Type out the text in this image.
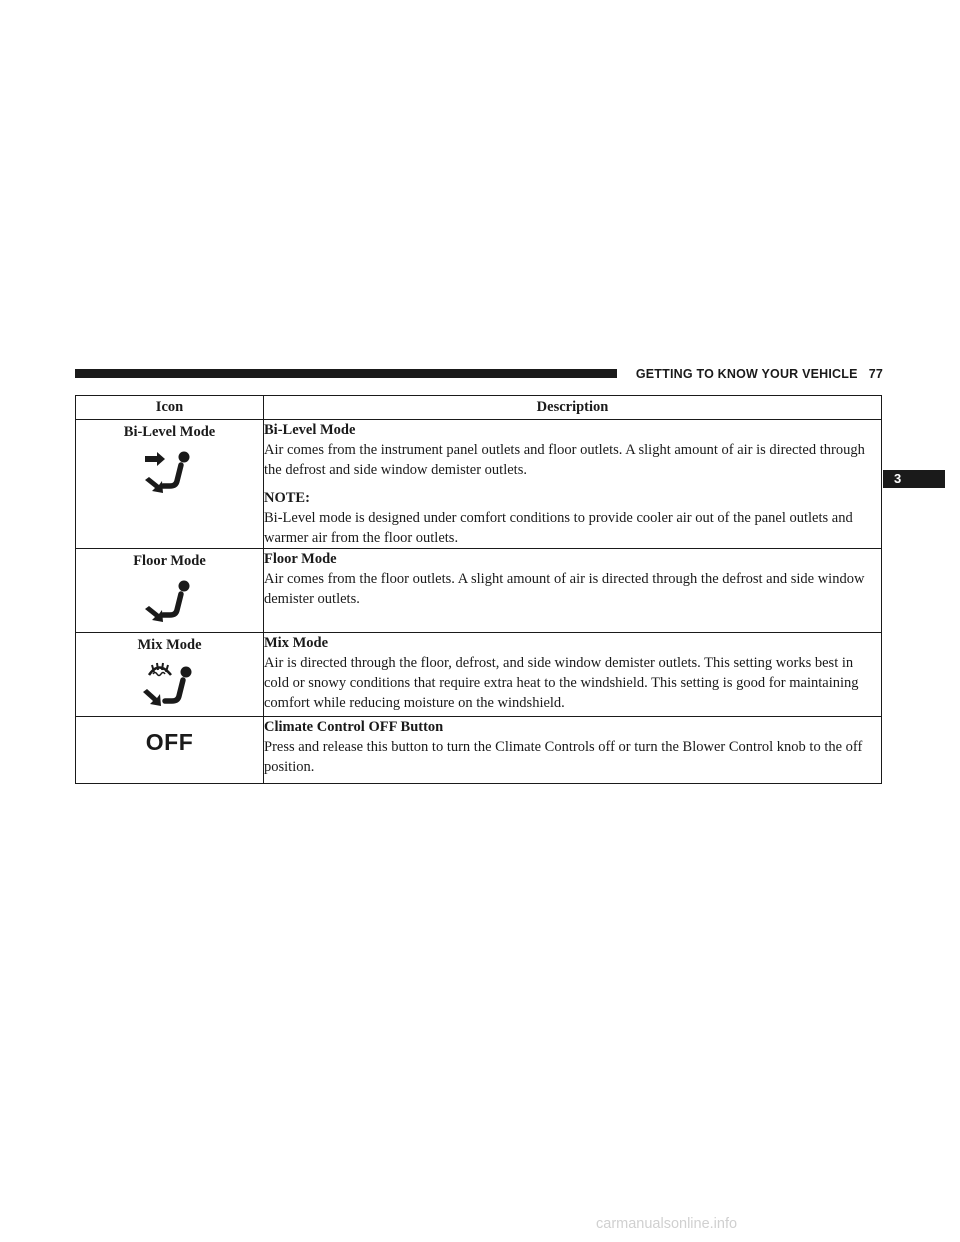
GETTING TO KNOW YOUR VEHICLE 77
3
Icon	Description

Bi-Level Mode	Bi-Level Mode
Air comes from the instrument panel outlets and floor outlets. A slight amount of air is directed through the defrost and side window demister outlets.
NOTE:
Bi-Level mode is designed under comfort conditions to provide cooler air out of the panel outlets and warmer air from the floor outlets.

Floor Mode	Floor Mode
Air comes from the floor outlets. A slight amount of air is directed through the defrost and side window demister outlets.

Mix Mode	Mix Mode
Air is directed through the floor, defrost, and side window demister outlets. This setting works best in cold or snowy conditions that require extra heat to the windshield. This setting is good for maintaining comfort while reducing moisture on the windshield.

OFF	Climate Control OFF Button
Press and release this button to turn the Climate Controls off or turn the Blower Control knob to the off position.
carmanualsonline.info
